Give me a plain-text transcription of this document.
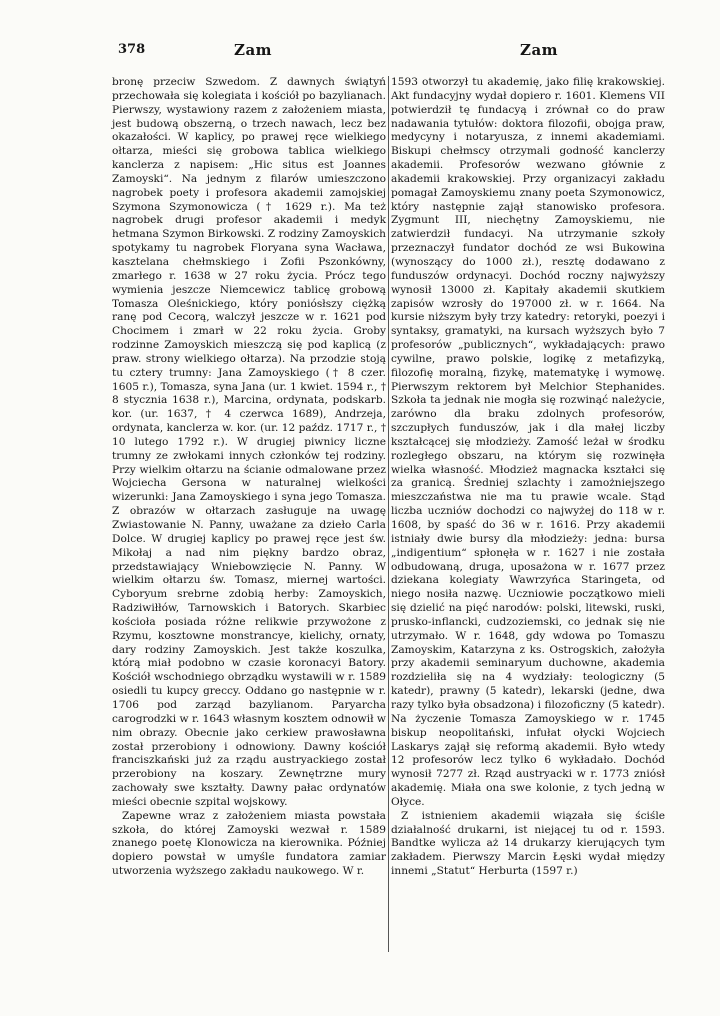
378	Zam	Zam

bronę przeciw Szwedom. Z dawnych świątyń przechowała się kolegiata i kościół po bazylianach. Pierwszy, wystawiony razem z założeniem miasta, jest budową obszerną, o trzech nawach, lecz bez okazałości. W kaplicy, po prawej ręce wielkiego ołtarza, mieści się grobowa tablica wielkiego kanclerza z napisem: „Hic situs est Joannes Zamoyski“. Na jednym z filarów umieszczono nagrobek poety i profesora akademii zamojskiej Szymona Szymonowicza († 1629 r.). Ma też nagrobek drugi profesor akademii i medyk hetmana Szymon Birkowski. Z rodziny Zamoyskich spotykamy tu nagrobek Floryana syna Wacława, kasztelana chełmskiego i Zofii Pszonkówny, zmarłego r. 1638 w 27 roku życia. Prócz tego wymienia jeszcze Niemcewicz tablicę grobową Tomasza Oleśnickiego, który poniósłszy ciężką ranę pod Cecorą, walczył jeszcze w r. 1621 pod Chocimem i zmarł w 22 roku życia. Groby rodzinne Zamoyskich mieszczą się pod kaplicą (z praw. strony wielkiego ołtarza). Na przodzie stoją tu cztery trumny: Jana Zamoyskiego († 8 czer. 1605 r.), Tomasza, syna Jana (ur. 1 kwiet. 1594 r., † 8 stycznia 1638 r.), Marcina, ordynata, podskarb. kor. (ur. 1637, † 4 czerwca 1689), Andrzeja, ordynata, kanclerza w. kor. (ur. 12 paźdz. 1717 r., † 10 lutego 1792 r.). W drugiej piwnicy liczne trumny ze zwłokami innych członków tej rodziny. Przy wielkim ołtarzu na ścianie odmalowane przez Wojciecha Gersona w naturalnej wielkości wizerunki: Jana Zamoyskiego i syna jego Tomasza. Z obrazów w ołtarzach zasługuje na uwagę Zwiastowanie N. Panny, uważane za dzieło Carla Dolce. W drugiej kaplicy po prawej ręce jest św. Mikołaj a nad nim piękny bardzo obraz, przedstawiający Wniebowzięcie N. Panny. W wielkim ołtarzu św. Tomasz, miernej wartości. Cyboryum srebrne zdobią herby: Zamoyskich, Radziwiłłów, Tarnowskich i Batorych. Skarbiec kościoła posiada różne relikwie przywożone z Rzymu, kosztowne monstrancye, kielichy, ornaty, dary rodziny Zamoyskich. Jest także koszulka, którą miał podobno w czasie koronacyi Batory. Kościół wschodniego obrządku wystawili w r. 1589 osiedli tu kupcy greccy. Oddano go następnie w r. 1706 pod zarząd bazylianom. Paryarcha carogrodzki w r. 1643 własnym kosztem odnowił w nim obrazy. Obecnie jako cerkiew prawosławna został przerobiony i odnowiony. Dawny kościół franciszkański już za rządu austryackiego został przerobiony na koszary. Zewnętrzne mury zachowały swe kształty. Dawny pałac ordynatów mieści obecnie szpital wojskowy.

Zapewne wraz z założeniem miasta powstała szkoła, do której Zamoyski wezwał r. 1589 znanego poetę Klonowicza na kierownika. Później dopiero powstał w umyśle fundatora zamiar utworzenia wyższego zakładu naukowego. W r.

1593 otworzył tu akademię, jako filię krakowskiej. Akt fundacyjny wydał dopiero r. 1601. Klemens VII potwierdził tę fundacyą i zrównał co do praw nadawania tytułów: doktora filozofii, obojga praw, medycyny i notaryusza, z innemi akademiami. Biskupi chełmscy otrzymali godność kanclerzy akademii. Profesorów wezwano głównie z akademii krakowskiej. Przy organizacyi zakładu pomagał Zamoyskiemu znany poeta Szymonowicz, który następnie zajął stanowisko profesora. Zygmunt III, niechętny Zamoyskiemu, nie zatwierdził fundacyi. Na utrzymanie szkoły przeznaczył fundator dochód ze wsi Bukowina (wynoszący do 1000 zł.), resztę dodawano z funduszów ordynacyi. Dochód roczny najwyższy wynosił 13000 zł. Kapitały akademii skutkiem zapisów wzrosły do 197000 zł. w r. 1664. Na kursie niższym były trzy katedry: retoryki, poezyi i syntaksy, gramatyki, na kursach wyższych było 7 profesorów „publicznych“, wykładających: prawo cywilne, prawo polskie, logikę z metafizyką, filozofię moralną, fizykę, matematykę i wymowę. Pierwszym rektorem był Melchior Stephanides. Szkoła ta jednak nie mogła się rozwinąć należycie, zarówno dla braku zdolnych profesorów, szczupłych funduszów, jak i dla małej liczby kształcącej się młodzieży. Zamość leżał w środku rozległego obszaru, na którym się rozwinęła wielka własność. Młodzież magnacka kształci się za granicą. Średniej szlachty i zamożniejszego mieszczaństwa nie ma tu prawie wcale. Stąd liczba uczniów dochodzi co najwyżej do 118 w r. 1608, by spaść do 36 w r. 1616. Przy akademii istniały dwie bursy dla młodzieży: jedna: bursa „indigentium“ spłonęła w r. 1627 i nie została odbudowaną, druga, uposażona w r. 1677 przez dziekana kolegiaty Wawrzyńca Staringeta, od niego nosiła nazwę. Uczniowie początkowo mieli się dzielić na pięć narodów: polski, litewski, ruski, prusko-inflancki, cudzoziemski, co jednak się nie utrzymało. W r. 1648, gdy wdowa po Tomaszu Zamoyskim, Katarzyna z ks. Ostrogskich, założyła przy akademii seminaryum duchowne, akademia rozdzieliła się na 4 wydziały: teologiczny (5 katedr), prawny (5 katedr), lekarski (jedne, dwa razy tylko była obsadzona) i filozoficzny (5 katedr). Na życzenie Tomasza Zamoyskiego w r. 1745 biskup neopolitański, infułat ołycki Wojciech Laskarys zajął się reformą akademii. Było wtedy 12 profesorów lecz tylko 6 wykładało. Dochód wynosił 7277 zł. Rząd austryacki w r. 1773 zniósł akademię. Miała ona swe kolonie, z tych jedną w Ołyce.

Z istnieniem akademii wiązała się ściśle działalność drukarni, ist niejącej tu od r. 1593. Bandtke wylicza aż 14 drukarzy kierujących tym zakładem. Pierwszy Marcin Łęski wydał między innemi „Statut“ Herburta (1597 r.)
